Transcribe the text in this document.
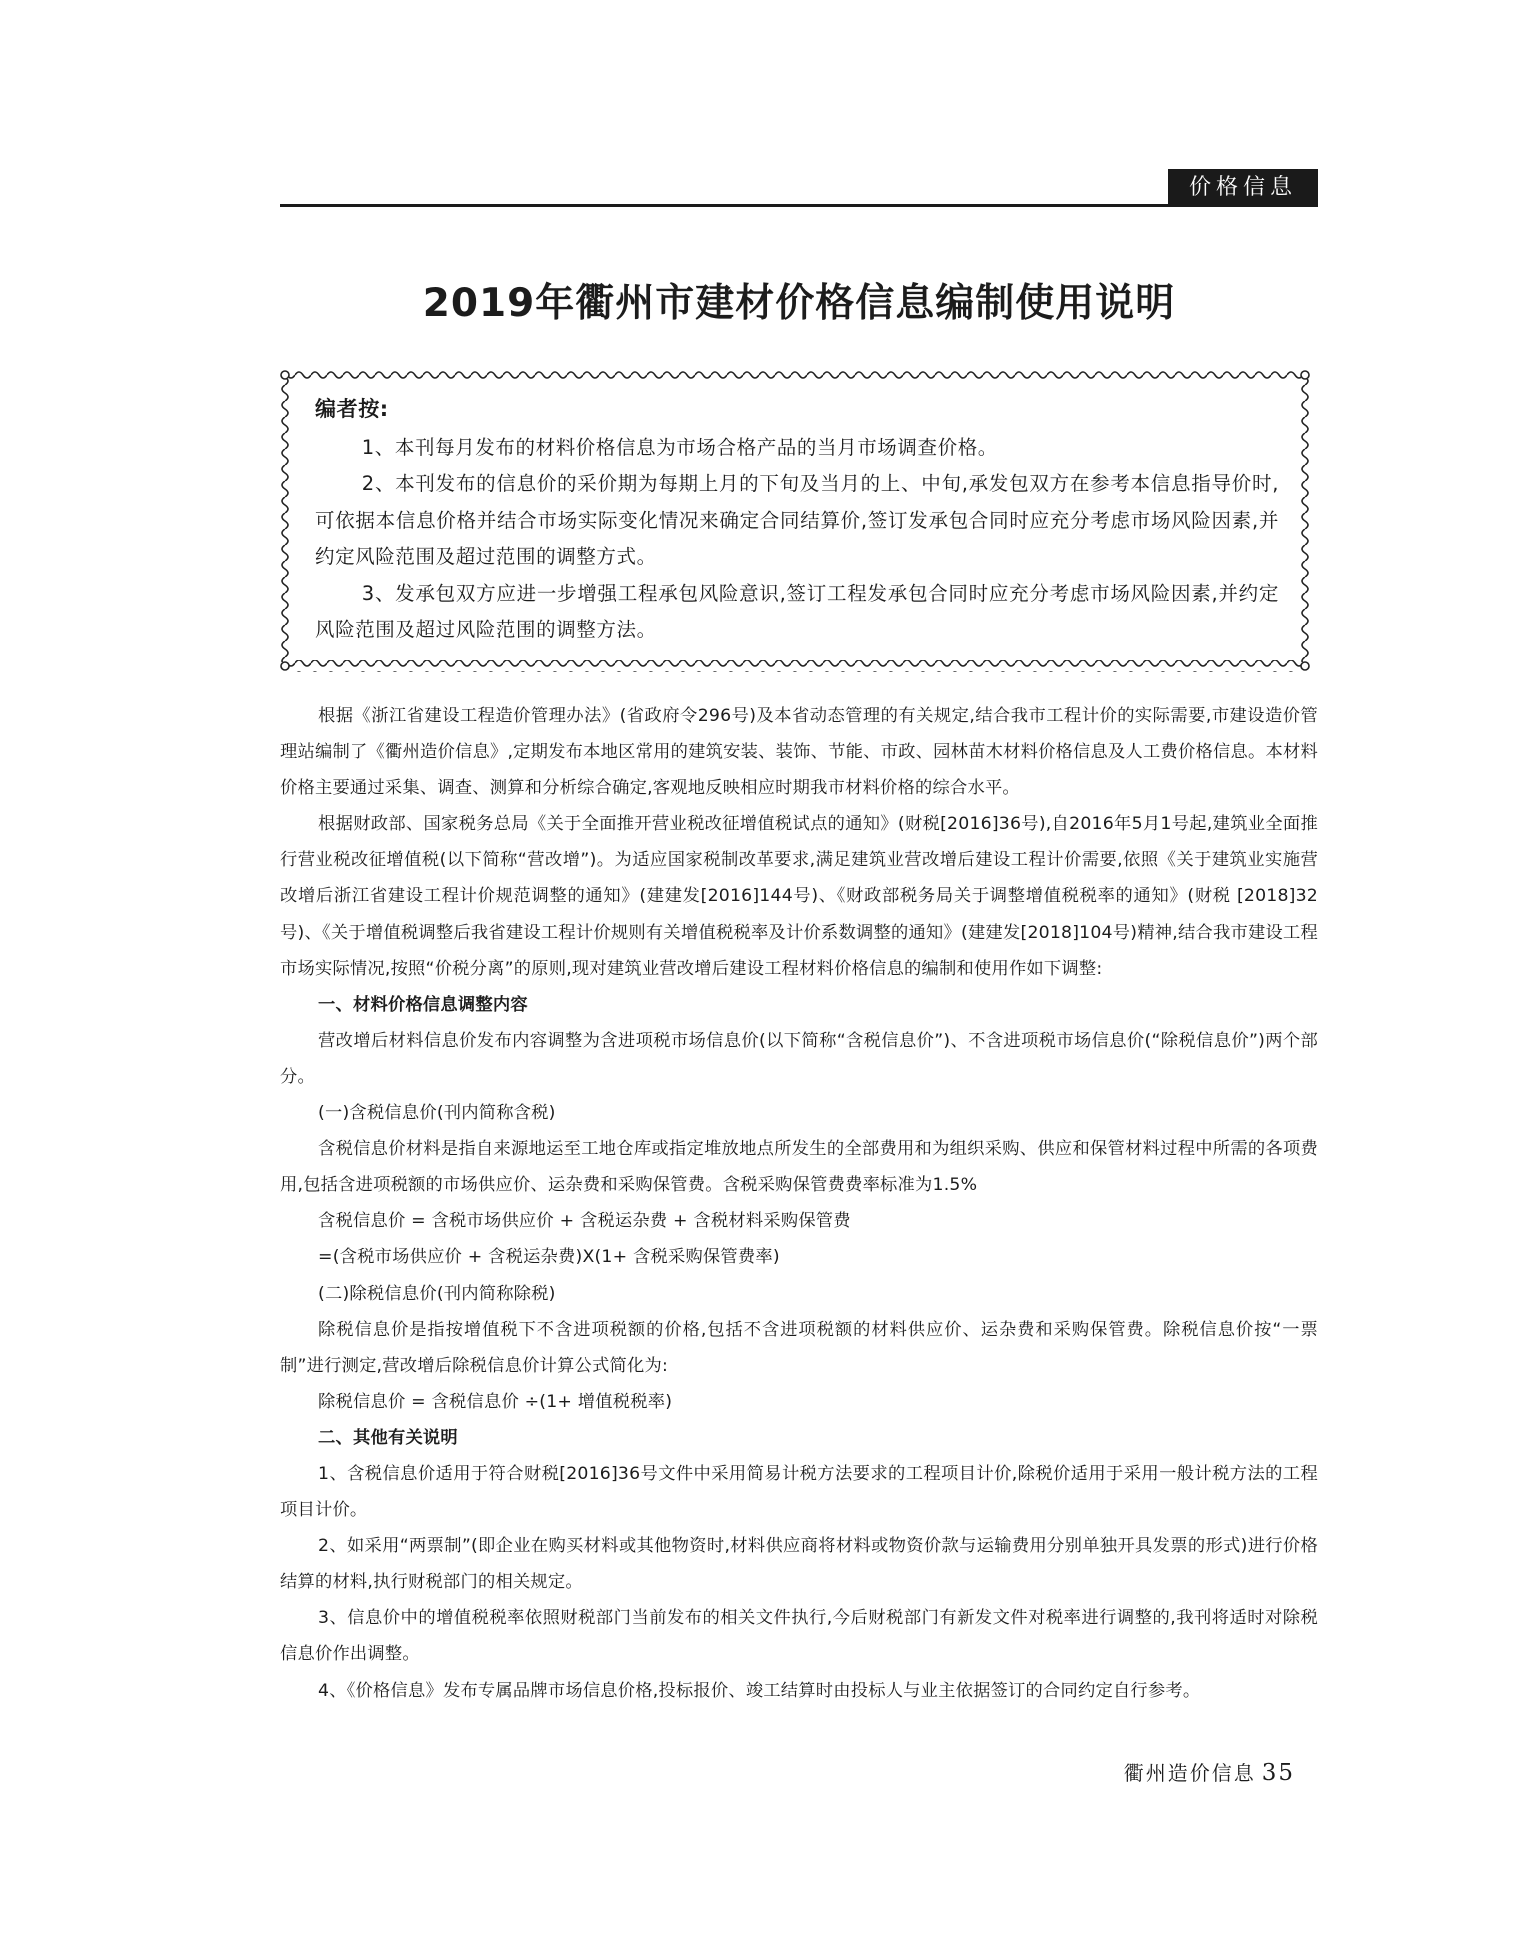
价格信息
2019年衢州市建材价格信息编制使用说明
编者按:

1、本刊每月发布的材料价格信息为市场合格产品的当月市场调查价格。

2、本刊发布的信息价的采价期为每期上月的下旬及当月的上、中旬,承发包双方在参考本信息指导价时,可依据本信息价格并结合市场实际变化情况来确定合同结算价,签订发承包合同时应充分考虑市场风险因素,并约定风险范围及超过范围的调整方式。

3、发承包双方应进一步增强工程承包风险意识,签订工程发承包合同时应充分考虑市场风险因素,并约定风险范围及超过风险范围的调整方法。

根据《浙江省建设工程造价管理办法》(省政府令296号)及本省动态管理的有关规定,结合我市工程计价的实际需要,市建设造价管理站编制了《衢州造价信息》,定期发布本地区常用的建筑安装、装饰、节能、市政、园林苗木材料价格信息及人工费价格信息。本材料价格主要通过采集、调查、测算和分析综合确定,客观地反映相应时期我市材料价格的综合水平。

根据财政部、国家税务总局《关于全面推开营业税改征增值税试点的通知》(财税[2016]36号),自2016年5月1号起,建筑业全面推行营业税改征增值税(以下简称“营改增”)。为适应国家税制改革要求,满足建筑业营改增后建设工程计价需要,依照《关于建筑业实施营改增后浙江省建设工程计价规范调整的通知》(建建发[2016]144号)、《财政部税务局关于调整增值税税率的通知》(财税 [2018]32号)、《关于增值税调整后我省建设工程计价规则有关增值税税率及计价系数调整的通知》(建建发[2018]104号)精神,结合我市建设工程市场实际情况,按照“价税分离”的原则,现对建筑业营改增后建设工程材料价格信息的编制和使用作如下调整:

一、材料价格信息调整内容

营改增后材料信息价发布内容调整为含进项税市场信息价(以下简称“含税信息价”)、不含进项税市场信息价(“除税信息价”)两个部分。

(一)含税信息价(刊内简称含税)

含税信息价材料是指自来源地运至工地仓库或指定堆放地点所发生的全部费用和为组织采购、供应和保管材料过程中所需的各项费用,包括含进项税额的市场供应价、运杂费和采购保管费。含税采购保管费费率标准为1.5%

含税信息价 = 含税市场供应价 + 含税运杂费 + 含税材料采购保管费

=(含税市场供应价 + 含税运杂费)X(1+ 含税采购保管费率)

(二)除税信息价(刊内简称除税)

除税信息价是指按增值税下不含进项税额的价格,包括不含进项税额的材料供应价、运杂费和采购保管费。除税信息价按“一票制”进行测定,营改增后除税信息价计算公式简化为:

除税信息价 = 含税信息价 ÷(1+ 增值税税率)

二、其他有关说明

1、含税信息价适用于符合财税[2016]36号文件中采用简易计税方法要求的工程项目计价,除税价适用于采用一般计税方法的工程项目计价。

2、如采用“两票制”(即企业在购买材料或其他物资时,材料供应商将材料或物资价款与运输费用分别单独开具发票的形式)进行价格结算的材料,执行财税部门的相关规定。

3、信息价中的增值税税率依照财税部门当前发布的相关文件执行,今后财税部门有新发文件对税率进行调整的,我刊将适时对除税信息价作出调整。

4、《价格信息》发布专属品牌市场信息价格,投标报价、竣工结算时由投标人与业主依据签订的合同约定自行参考。

衢州造价信息 35
